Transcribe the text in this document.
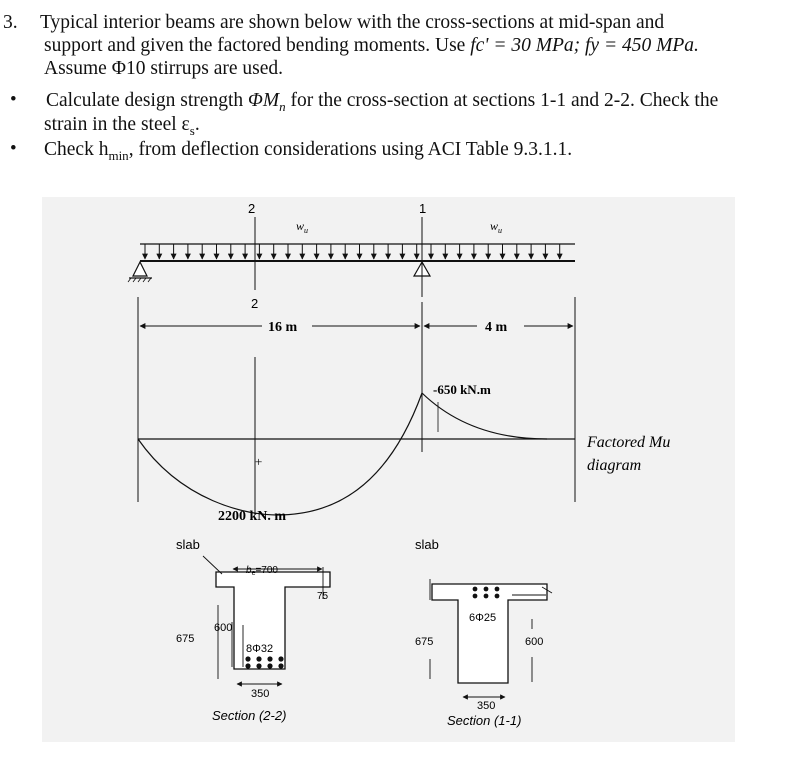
3. Typical interior beams are shown below with the cross-sections at mid-span and
support and given the factored bending moments. Use fc' = 30 MPa; fy = 450 MPa.
Assume Φ10 stirrups are used.
• Calculate design strength $\Phi M_n$ for the cross-section at sections 1-1 and 2-2. Check the
strain in the steel $\varepsilon_s$.
• Check $h_{min}$, from deflection considerations using ACI Table 9.3.1.1.
2
2
1
$w_u$	$w_u$
16 m	4 m
-650 kN.m
+
2200 kN. m
Factored Mu
diagram
slab
$b_e=700$
75
675
600
8Φ32
350
Section (2-2)
slab
6Φ25
675	600
350
Section (1-1)
